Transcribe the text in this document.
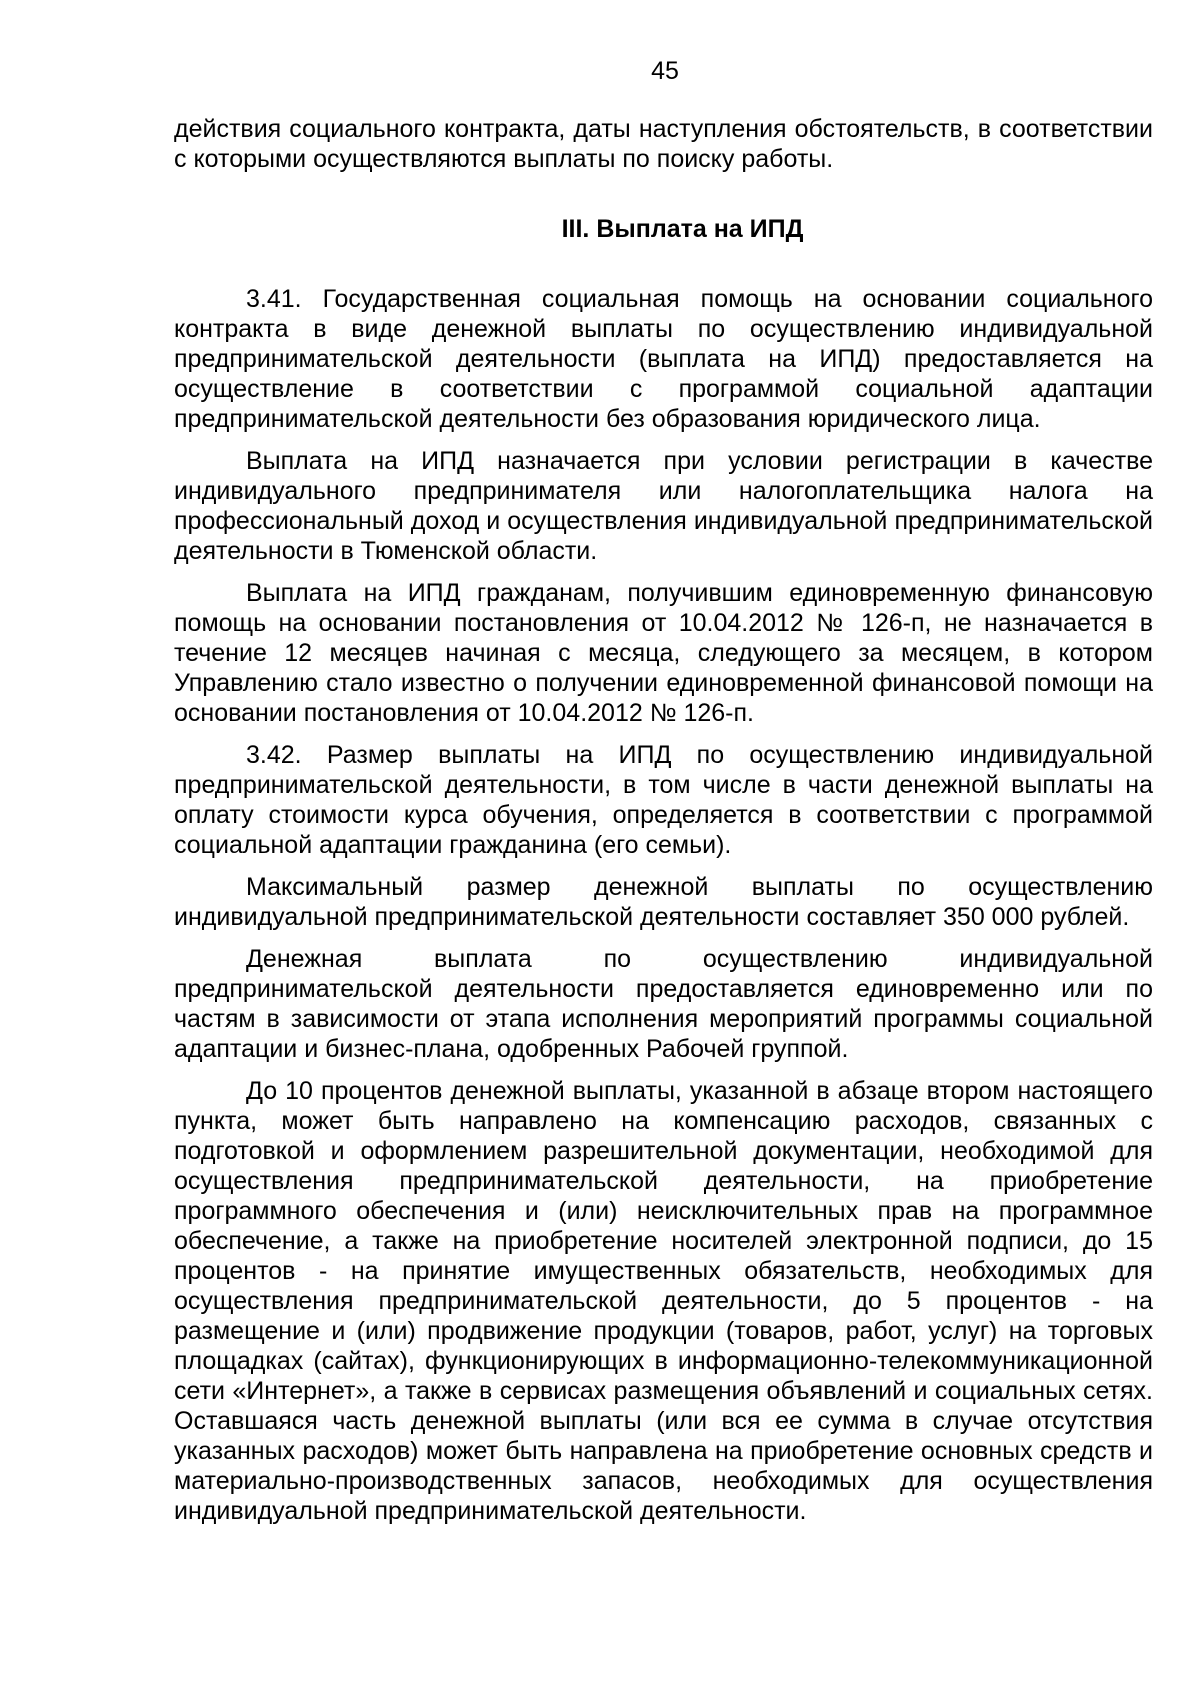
45

действия социального контракта, даты наступления обстоятельств, в соответствии с которыми осуществляются выплаты по поиску работы.

III. Выплата на ИПД

3.41. Государственная социальная помощь на основании социального контракта в виде денежной выплаты по осуществлению индивидуальной предпринимательской деятельности (выплата на ИПД) предоставляется на осуществление в соответствии с программой социальной адаптации предпринимательской деятельности без образования юридического лица.

Выплата на ИПД назначается при условии регистрации в качестве индивидуального предпринимателя или налогоплательщика налога на профессиональный доход и осуществления индивидуальной предпринимательской деятельности в Тюменской области.

Выплата на ИПД гражданам, получившим единовременную финансовую помощь на основании постановления от 10.04.2012 № 126-п, не назначается в течение 12 месяцев начиная с месяца, следующего за месяцем, в котором Управлению стало известно о получении единовременной финансовой помощи на основании постановления от 10.04.2012 № 126-п.

3.42. Размер выплаты на ИПД по осуществлению индивидуальной предпринимательской деятельности, в том числе в части денежной выплаты на оплату стоимости курса обучения, определяется в соответствии с программой социальной адаптации гражданина (его семьи).

Максимальный размер денежной выплаты по осуществлению индивидуальной предпринимательской деятельности составляет 350 000 рублей.

Денежная выплата по осуществлению индивидуальной предпринимательской деятельности предоставляется единовременно или по частям в зависимости от этапа исполнения мероприятий программы социальной адаптации и бизнес-плана, одобренных Рабочей группой.

До 10 процентов денежной выплаты, указанной в абзаце втором настоящего пункта, может быть направлено на компенсацию расходов, связанных с подготовкой и оформлением разрешительной документации, необходимой для осуществления предпринимательской деятельности, на приобретение программного обеспечения и (или) неисключительных прав на программное обеспечение, а также на приобретение носителей электронной подписи, до 15 процентов - на принятие имущественных обязательств, необходимых для осуществления предпринимательской деятельности, до 5 процентов - на размещение и (или) продвижение продукции (товаров, работ, услуг) на торговых площадках (сайтах), функционирующих в информационно-телекоммуникационной сети «Интернет», а также в сервисах размещения объявлений и социальных сетях. Оставшаяся часть денежной выплаты (или вся ее сумма в случае отсутствия указанных расходов) может быть направлена на приобретение основных средств и материально-производственных запасов, необходимых для осуществления индивидуальной предпринимательской деятельности.
